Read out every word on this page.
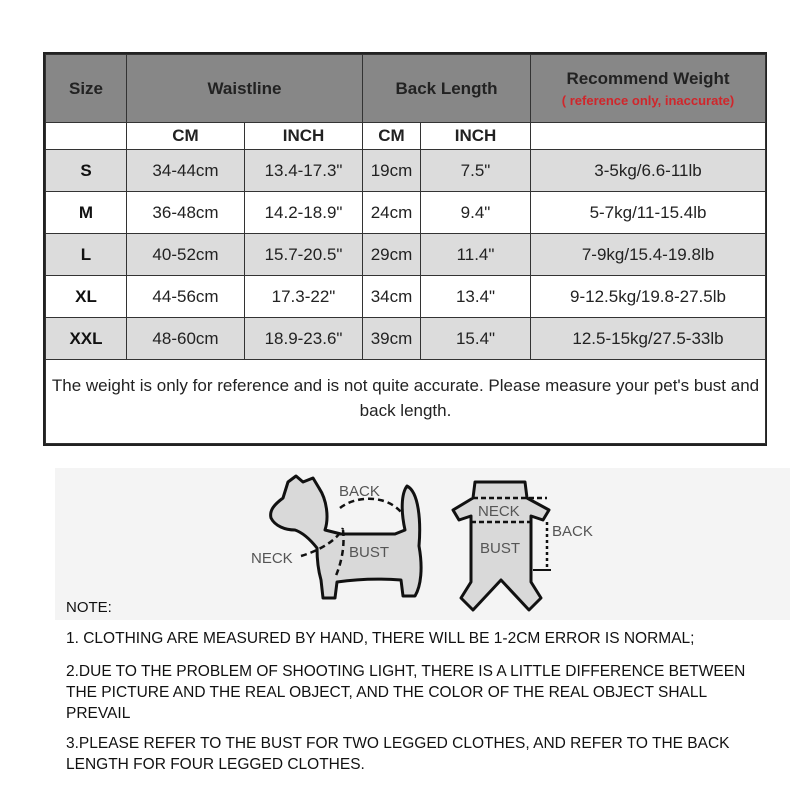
Size	Waistline		Back Length		Recommend Weight
( reference only, inaccurate)

	CM	INCH	CM	INCH	
S	34-44cm	13.4-17.3"	19cm	7.5"	3-5kg/6.6-11lb
M	36-48cm	14.2-18.9"	24cm	9.4"	5-7kg/11-15.4lb
L	40-52cm	15.7-20.5"	29cm	11.4"	7-9kg/15.4-19.8lb
XL	44-56cm	17.3-22"	34cm	13.4"	9-12.5kg/19.8-27.5lb
XXL	48-60cm	18.9-23.6"	39cm	15.4"	12.5-15kg/27.5-33lb
The weight is only for reference and is not quite accurate. Please measure your pet's bust and back length.					
BACK
NECK	BUST
NECK
BUST
BACK
NOTE:

1. CLOTHING ARE MEASURED BY HAND, THERE WILL BE 1-2CM ERROR IS NORMAL;

2.DUE TO THE PROBLEM OF SHOOTING LIGHT, THERE IS A LITTLE DIFFERENCE BETWEEN THE PICTURE AND THE REAL OBJECT, AND THE COLOR OF THE REAL OBJECT SHALL PREVAIL

3.PLEASE REFER TO THE BUST FOR TWO LEGGED CLOTHES, AND REFER TO THE BACK LENGTH FOR FOUR LEGGED CLOTHES.
